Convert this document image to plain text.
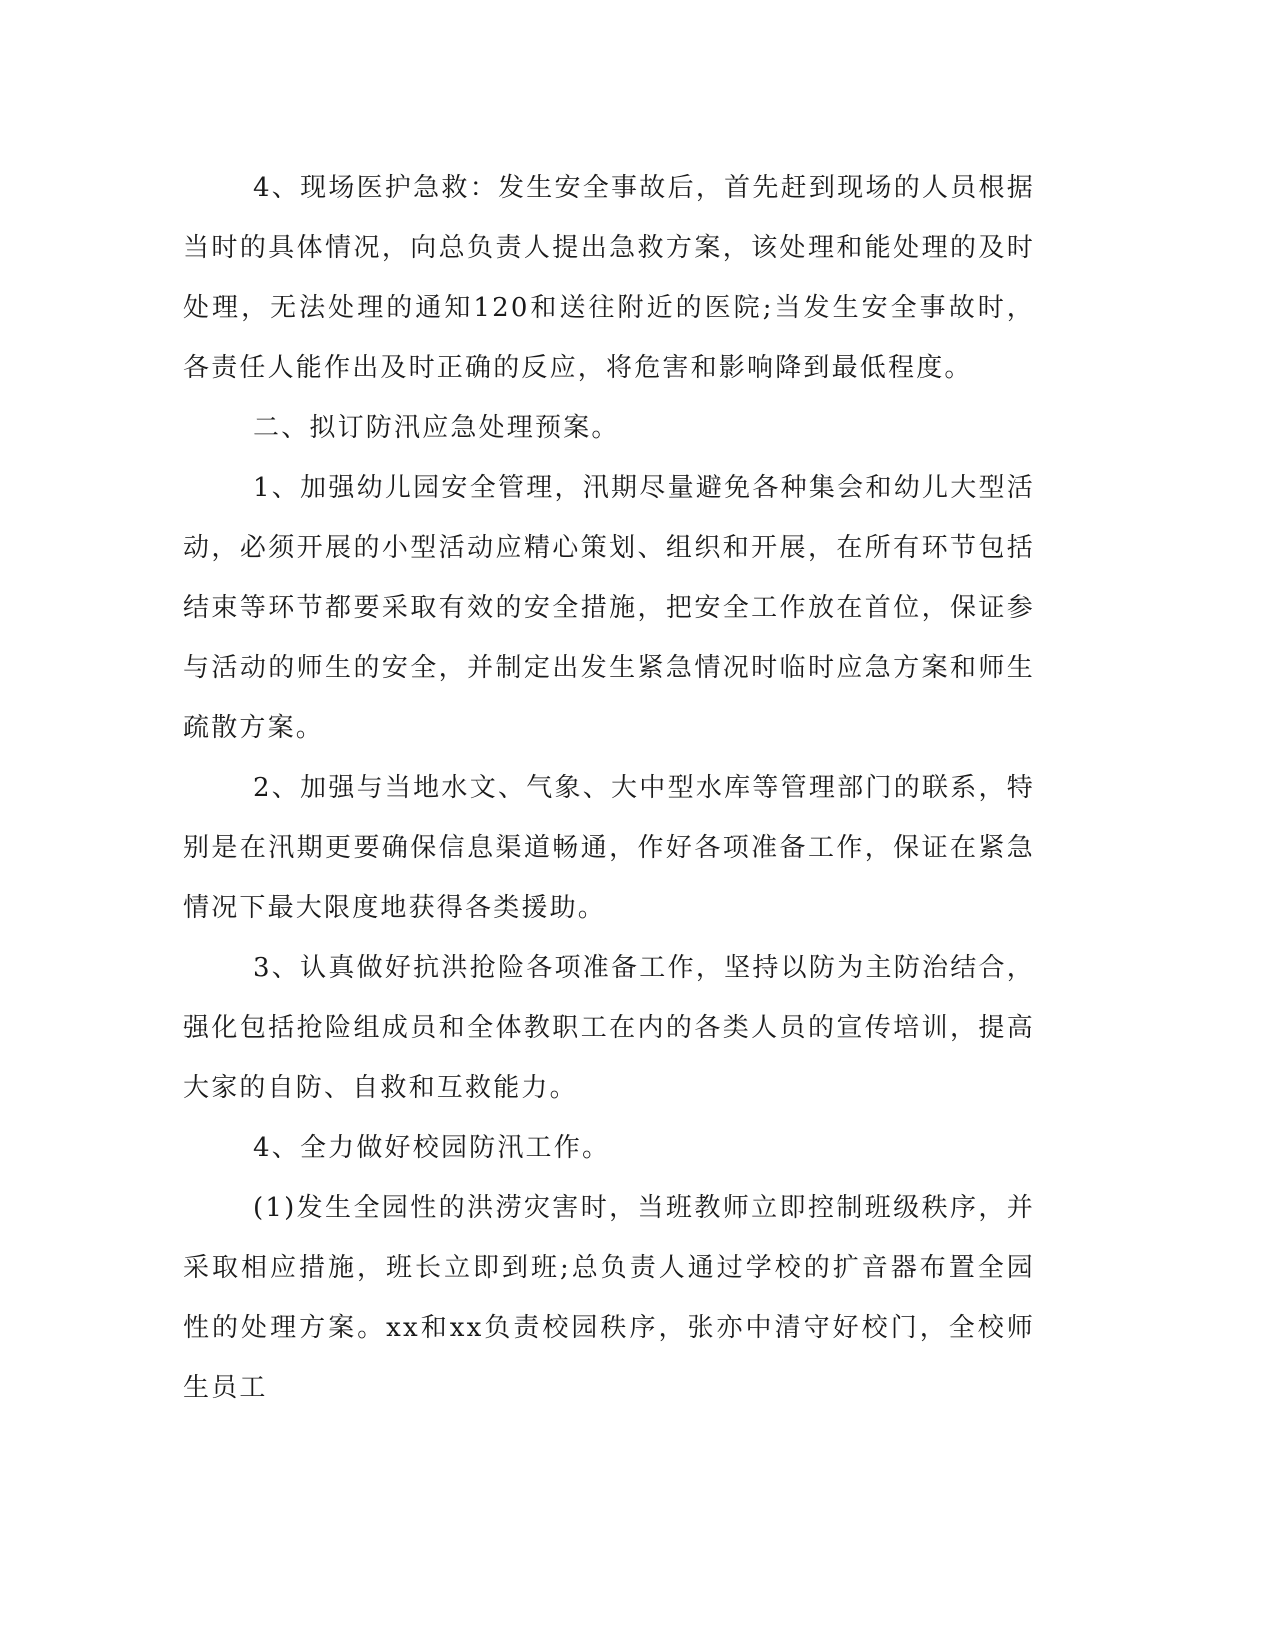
4、现场医护急救：发生安全事故后，首先赶到现场的人员根据当时的具体情况，向总负责人提出急救方案，该处理和能处理的及时处理，无法处理的通知120和送往附近的医院;当发生安全事故时，各责任人能作出及时正确的反应，将危害和影响降到最低程度。

二、拟订防汛应急处理预案。

1、加强幼儿园安全管理，汛期尽量避免各种集会和幼儿大型活动，必须开展的小型活动应精心策划、组织和开展，在所有环节包括结束等环节都要采取有效的安全措施，把安全工作放在首位，保证参与活动的师生的安全，并制定出发生紧急情况时临时应急方案和师生疏散方案。

2、加强与当地水文、气象、大中型水库等管理部门的联系，特别是在汛期更要确保信息渠道畅通，作好各项准备工作，保证在紧急情况下最大限度地获得各类援助。

3、认真做好抗洪抢险各项准备工作，坚持以防为主防治结合，强化包括抢险组成员和全体教职工在内的各类人员的宣传培训，提高大家的自防、自救和互救能力。

4、全力做好校园防汛工作。

(1)发生全园性的洪涝灾害时，当班教师立即控制班级秩序，并采取相应措施，班长立即到班;总负责人通过学校的扩音器布置全园性的处理方案。xx和xx负责校园秩序，张亦中清守好校门，全校师生员工
